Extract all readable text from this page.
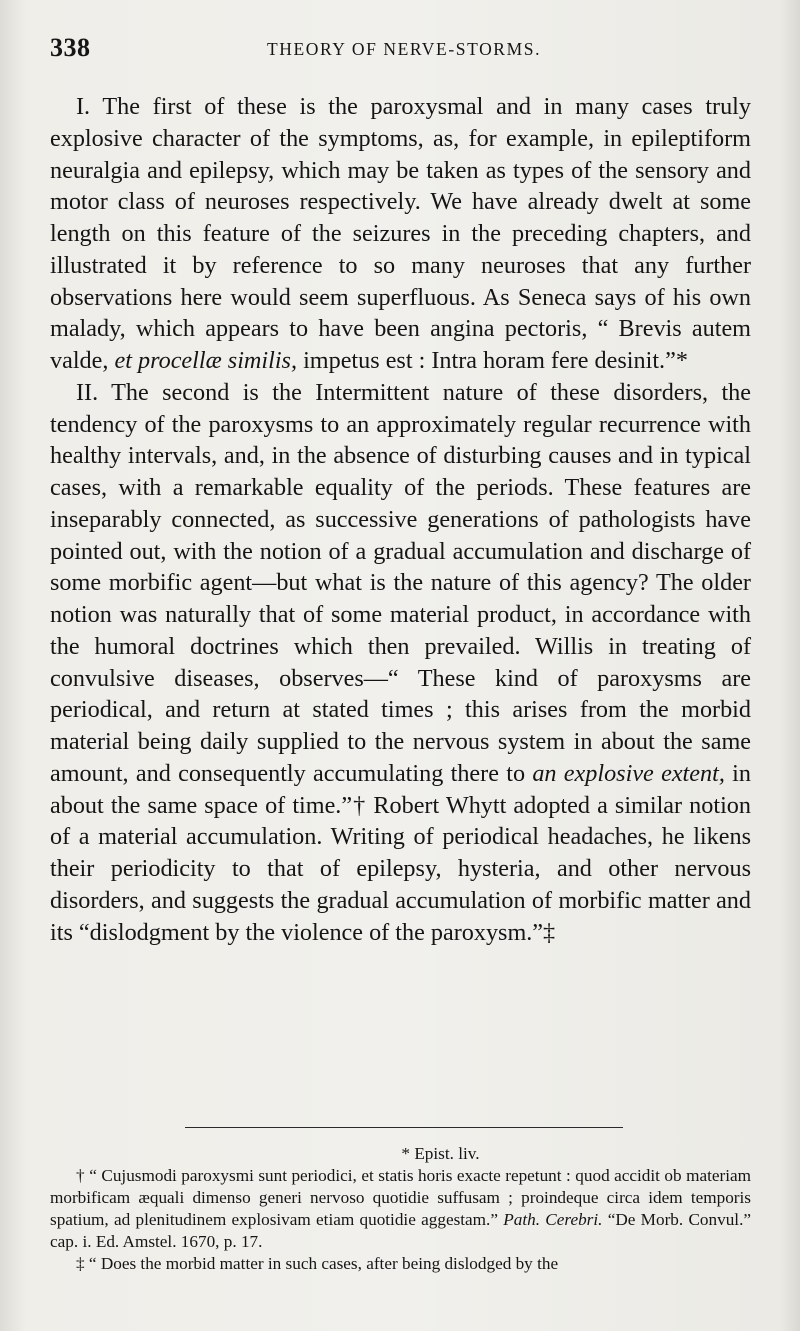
338	THEORY OF NERVE-STORMS.

I. The first of these is the paroxysmal and in many cases truly explosive character of the symptoms, as, for example, in epileptiform neuralgia and epilepsy, which may be taken as types of the sensory and motor class of neuroses respectively. We have already dwelt at some length on this feature of the seizures in the preceding chapters, and illustrated it by reference to so many neuroses that any further observations here would seem superfluous. As Seneca says of his own malady, which appears to have been angina pectoris, “ Brevis autem valde, et procellæ similis, impetus est : Intra horam fere desinit.”*

II. The second is the Intermittent nature of these disorders, the tendency of the paroxysms to an approximately regular recurrence with healthy intervals, and, in the absence of disturbing causes and in typical cases, with a remarkable equality of the periods. These features are inseparably connected, as successive generations of pathologists have pointed out, with the notion of a gradual accumulation and discharge of some morbific agent—but what is the nature of this agency? The older notion was naturally that of some material product, in accordance with the humoral doctrines which then prevailed. Willis in treating of convulsive diseases, observes—“ These kind of paroxysms are periodical, and return at stated times ; this arises from the morbid material being daily supplied to the nervous system in about the same amount, and consequently accumulating there to an explosive extent, in about the same space of time.”† Robert Whytt adopted a similar notion of a material accumulation. Writing of periodical headaches, he likens their periodicity to that of epilepsy, hysteria, and other nervous disorders, and suggests the gradual accumulation of morbific matter and its “dislodgment by the violence of the paroxysm.”‡

* Epist. liv.

† “ Cujusmodi paroxysmi sunt periodici, et statis horis exacte repetunt : quod accidit ob materiam morbificam æquali dimenso generi nervoso quotidie suffusam ; proindeque circa idem temporis spatium, ad plenitudinem explosivam etiam quotidie aggestam.” Path. Cerebri. “De Morb. Convul.” cap. i. Ed. Amstel. 1670, p. 17.

‡ “ Does the morbid matter in such cases, after being dislodged by the
